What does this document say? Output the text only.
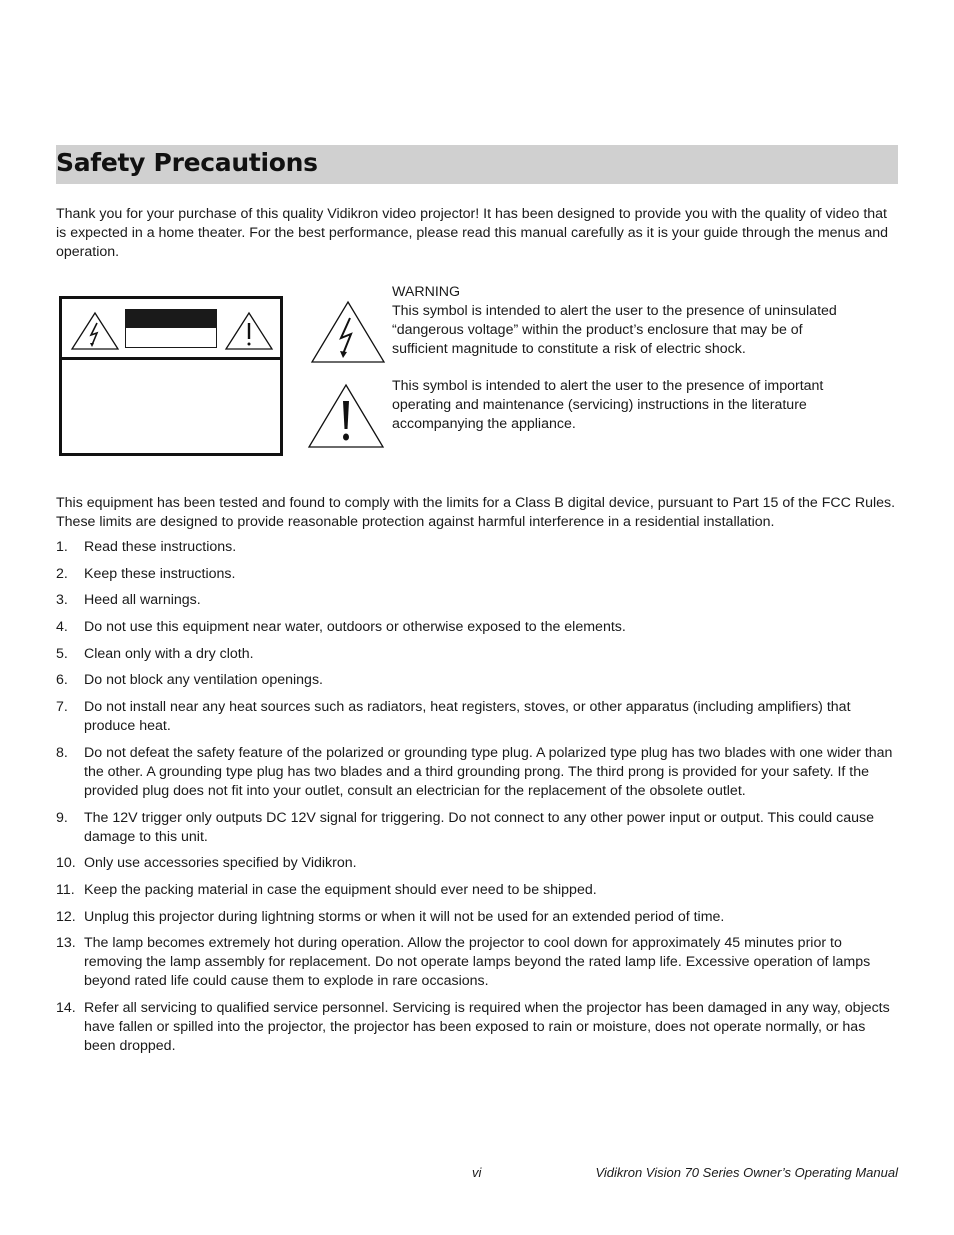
Safety Precautions

Thank you for your purchase of this quality Vidikron video projector! It has been designed to provide you with the quality of video that is expected in a home theater. For the best performance, please read this manual carefully as it is your guide through the menus and operation.

WARNING

This symbol is intended to alert the user to the presence of uninsulated “dangerous voltage” within the product’s enclosure that may be of sufficient magnitude to constitute a risk of electric shock.

This symbol is intended to alert the user to the presence of important operating and maintenance (servicing) instructions in the literature accompanying the appliance.

This equipment has been tested and found to comply with the limits for a Class B digital device, pursuant to Part 15 of the FCC Rules. These limits are designed to provide reasonable protection against harmful interference in a residential installation.

1. Read these instructions.
2. Keep these instructions.
3. Heed all warnings.
4. Do not use this equipment near water, outdoors or otherwise exposed to the elements.
5. Clean only with a dry cloth.
6. Do not block any ventilation openings.
7. Do not install near any heat sources such as radiators, heat registers, stoves, or other apparatus (including amplifiers) that produce heat.
8. Do not defeat the safety feature of the polarized or grounding type plug. A polarized type plug has two blades with one wider than the other. A grounding type plug has two blades and a third grounding prong. The third prong is provided for your safety. If the provided plug does not fit into your outlet, consult an electrician for the replacement of the obsolete outlet.
9. The 12V trigger only outputs DC 12V signal for triggering. Do not connect to any other power input or output. This could cause damage to this unit.
10. Only use accessories specified by Vidikron.
11. Keep the packing material in case the equipment should ever need to be shipped.
12. Unplug this projector during lightning storms or when it will not be used for an extended period of time.
13. The lamp becomes extremely hot during operation. Allow the projector to cool down for approximately 45 minutes prior to removing the lamp assembly for replacement. Do not operate lamps beyond the rated lamp life. Excessive operation of lamps beyond rated life could cause them to explode in rare occasions.
14. Refer all servicing to qualified service personnel. Servicing is required when the projector has been damaged in any way, objects have fallen or spilled into the projector, the projector has been exposed to rain or moisture, does not operate normally, or has been dropped.
vi	Vidikron Vision 70 Series Owner’s Operating Manual
